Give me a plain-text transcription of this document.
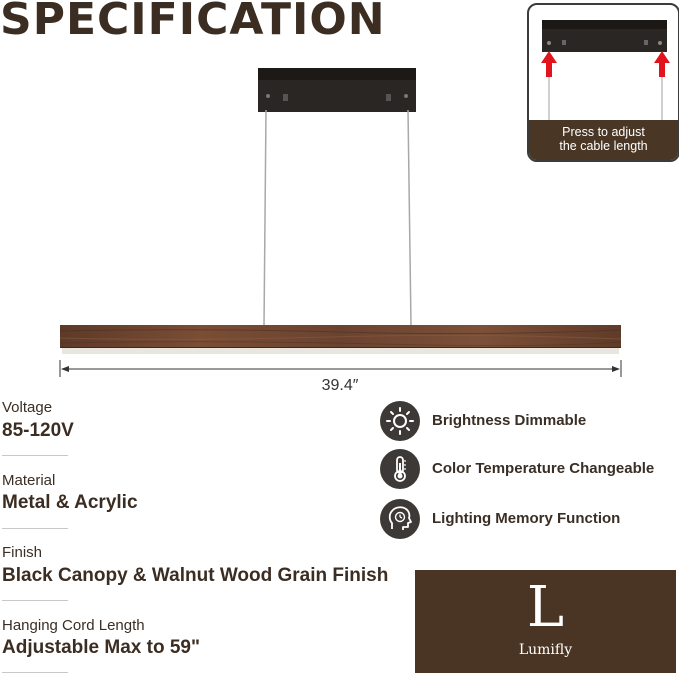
SPECIFICATION
39.4″
Press to adjust
the cable length
Voltage
85-120V
Material
Metal & Acrylic
Finish
Black Canopy & Walnut Wood Grain Finish
Hanging Cord Length
Adjustable Max to 59"
Brightness Dimmable
Color Temperature Changeable
Lighting Memory Function
L
Lumifly
